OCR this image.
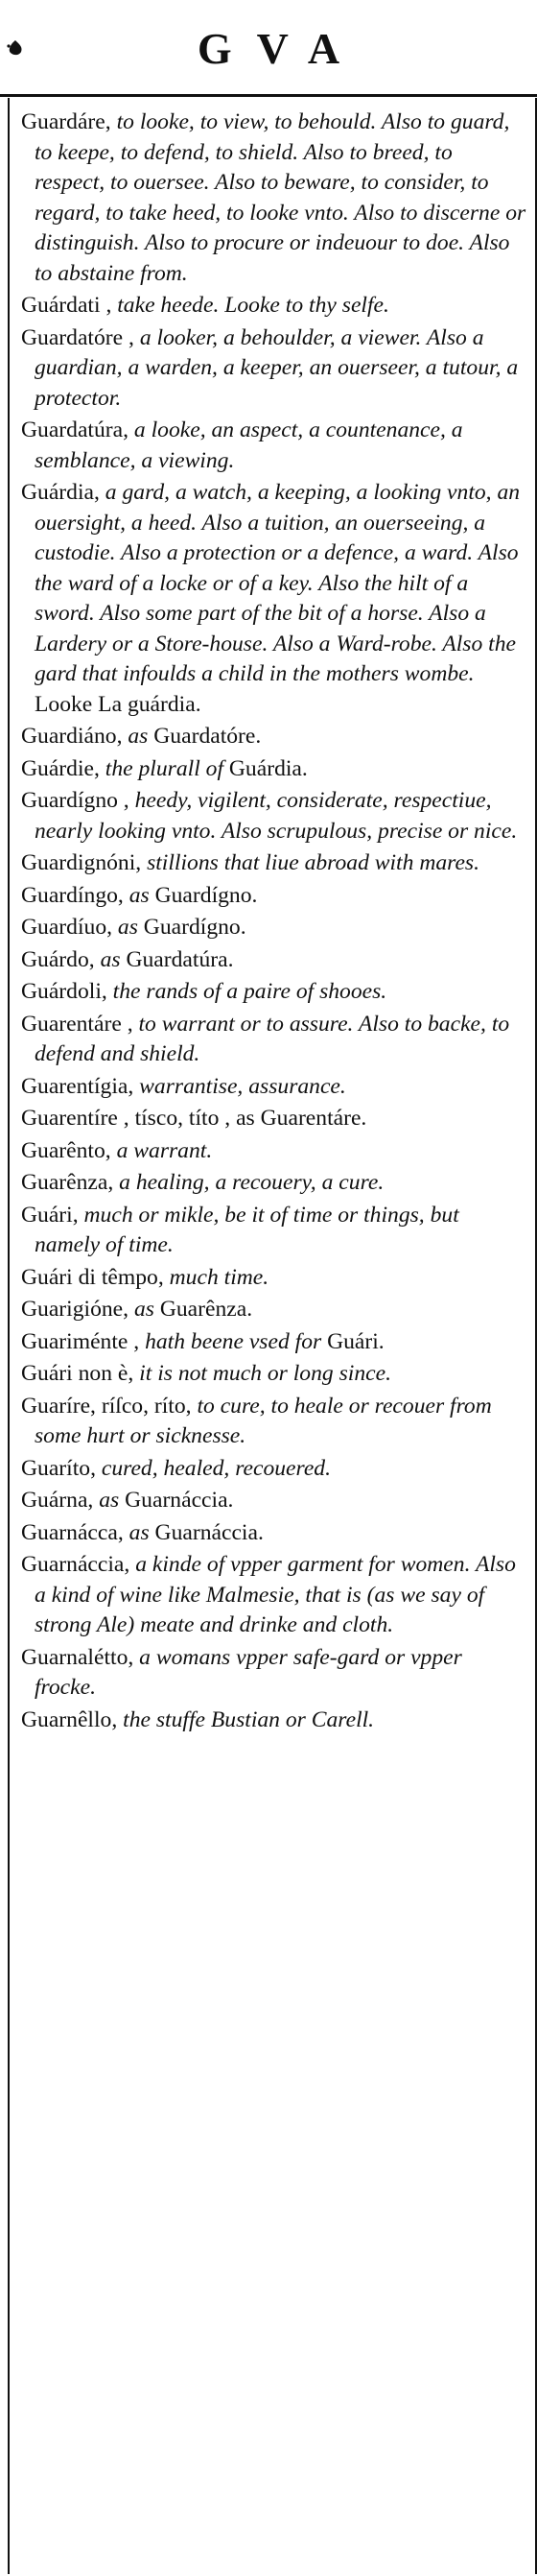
GVA
Guardáre, to looke, to view, to behould. Also to guard, to keepe, to defend, to shield. Also to breed, to respect, to ouersee. Also to beware, to consider, to regard, to take heed, to looke vnto. Also to discerne or distinguish. Also to procure or indeuour to doe. Also to abstaine from.
Guárdati , take heede. Looke to thy selfe.
Guardatóre , a looker, a behoulder, a viewer. Also a guardian, a warden, a keeper, an ouerseer, a tutour, a protector.
Guardatúra, a looke, an aspect, a countenance, a semblance, a viewing.
Guárdia, a gard, a watch, a keeping, a looking vnto, an ouersight, a heed. Also a tuition, an ouerseeing, a custodie. Also a protection or a defence, a ward. Also the ward of a locke or of a key. Also the hilt of a sword. Also some part of the bit of a horse. Also a Lardery or a Store-house. Also a Ward-robe. Also the gard that infoulds a child in the mothers wombe. Looke La guárdia.
Guardiáno, as Guardatóre.
Guárdie, the plurall of Guárdia.
Guardígno , heedy, vigilent, considerate, respectiue, nearly looking vnto. Also scrupulous, precise or nice.
Guardignóni, stillions that liue abroad with mares.
Guardíngo, as Guardígno.
Guardíuo, as Guardígno.
Guárdo, as Guardatúra.
Guárdoli, the rands of a paire of shooes.
Guarentáre , to warrant or to assure. Also to backe, to defend and shield.
Guarentígia, warrantise, assurance.
Guarentíre , tísco, títo , as Guarentáre.
Guarênto, a warrant.
Guarênza, a healing, a recouery, a cure.
Guári, much or mikle, be it of time or things, but namely of time.
Guári di têmpo, much time.
Guarigióne, as Guarênza.
Guariménte , hath beene vsed for Guári.
Guári non è, it is not much or long since.
Guaríre, ríſco, ríto, to cure, to heale or recouer from some hurt or sicknesse.
Guaríto, cured, healed, recouered.
Guárna, as Guarnáccia.
Guarnácca, as Guarnáccia.
Guarnáccia, a kinde of vpper garment for women. Also a kind of wine like Malmesie, that is (as we say of strong Ale) meate and drinke and cloth.
Guarnalétto, a womans vpper safe-gard or vpper frocke.
Guarnêllo, the stuffe Bustian or Carell.
